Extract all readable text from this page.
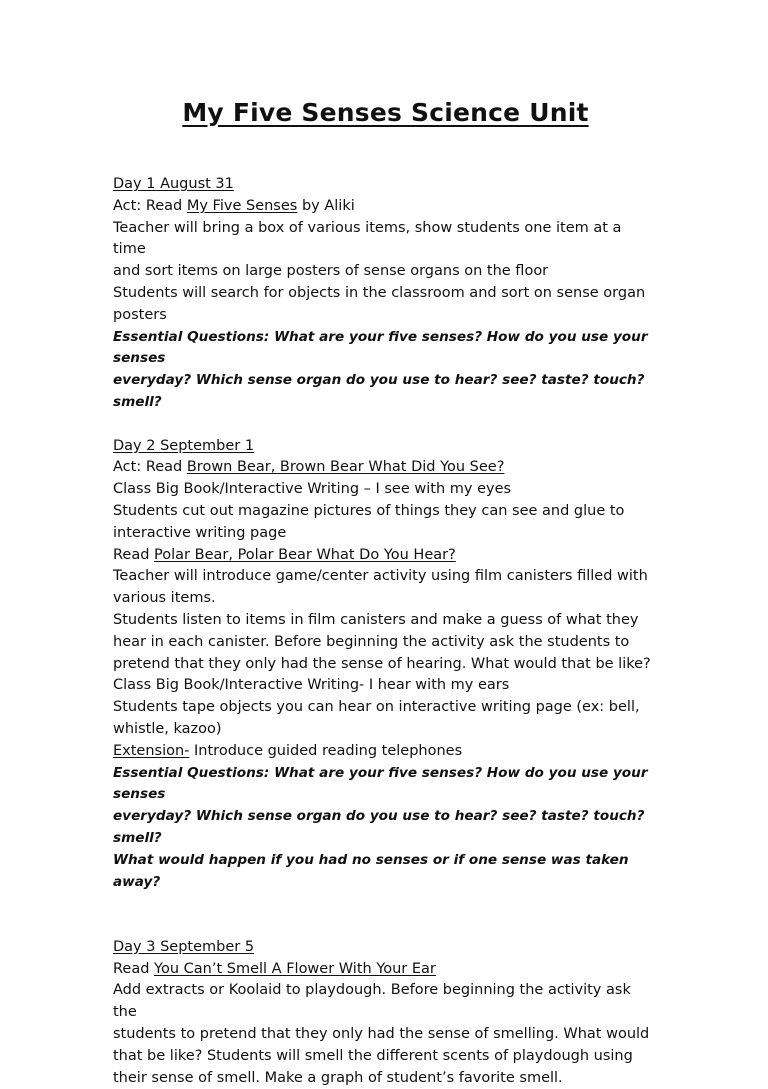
My Five Senses Science Unit

Day 1 August 31

Act: Read My Five Senses by Aliki

Teacher will bring a box of various items, show students one item at a time

and sort items on large posters of sense organs on the floor

Students will search for objects in the classroom and sort on sense organ

posters

Essential Questions: What are your five senses? How do you use your senses

everyday? Which sense organ do you use to hear? see? taste? touch? smell?

Day 2 September 1

Act: Read Brown Bear, Brown Bear What Did You See?

Class Big Book/Interactive Writing – I see with my eyes

Students cut out magazine pictures of things they can see and glue to

interactive writing page

Read Polar Bear, Polar Bear What Do You Hear?

Teacher will introduce game/center activity using film canisters filled with

various items.

Students listen to items in film canisters and make a guess of what they

hear in each canister. Before beginning the activity ask the students to

pretend that they only had the sense of hearing. What would that be like?

Class Big Book/Interactive Writing- I hear with my ears

Students tape objects you can hear on interactive writing page (ex: bell,

whistle, kazoo)

Extension- Introduce guided reading telephones

Essential Questions: What are your five senses? How do you use your senses

everyday? Which sense organ do you use to hear? see? taste? touch? smell?

What would happen if you had no senses or if one sense was taken away?

Day 3 September 5

Read You Can’t Smell A Flower With Your Ear

Add extracts or Koolaid to playdough. Before beginning the activity ask the

students to pretend that they only had the sense of smelling. What would

that be like? Students will smell the different scents of playdough using

their sense of smell. Make a graph of student’s favorite smell.
